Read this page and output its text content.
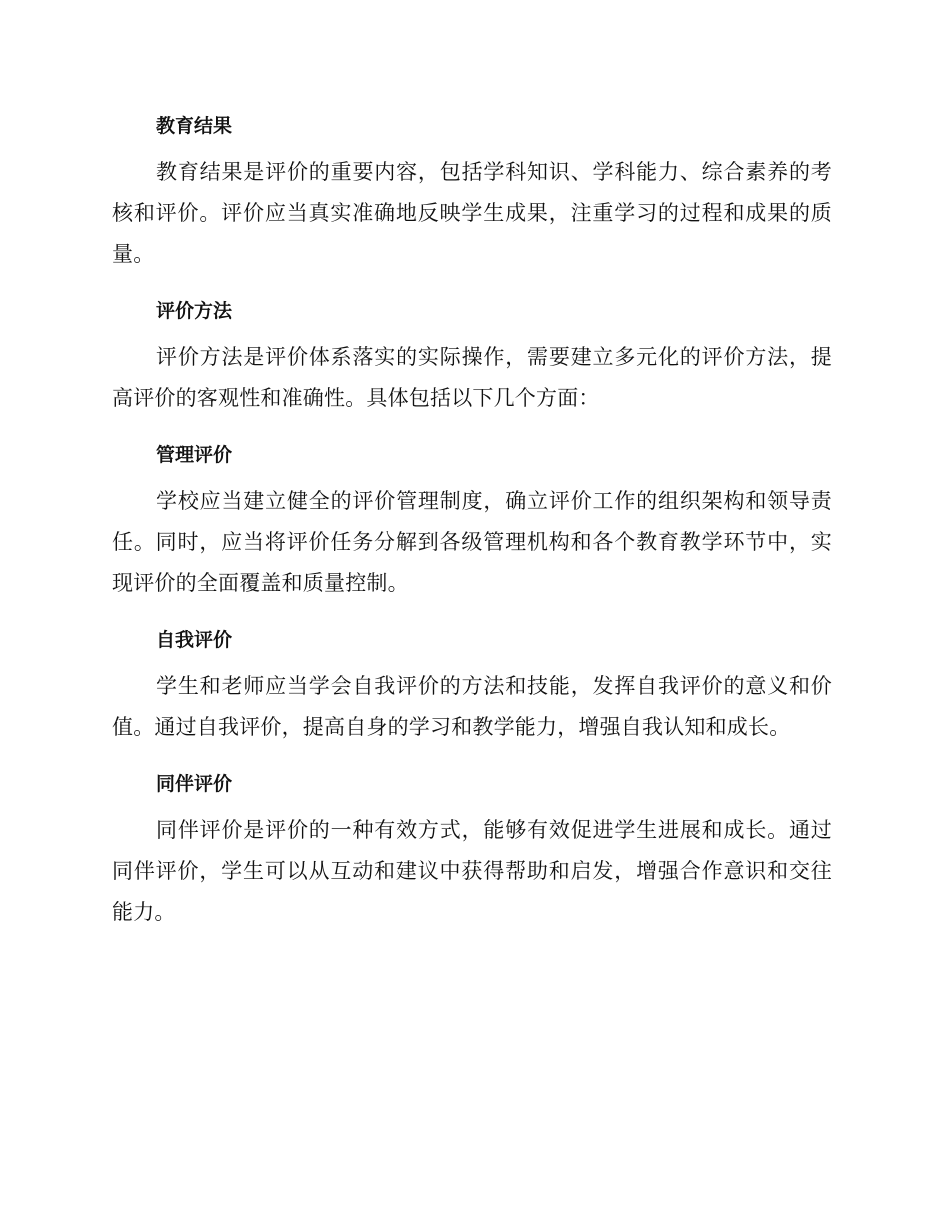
教育结果

教育结果是评价的重要内容，包括学科知识、学科能力、综合素养的考核和评价。评价应当真实准确地反映学生成果，注重学习的过程和成果的质量。

评价方法

评价方法是评价体系落实的实际操作，需要建立多元化的评价方法，提高评价的客观性和准确性。具体包括以下几个方面：

管理评价

学校应当建立健全的评价管理制度，确立评价工作的组织架构和领导责任。同时，应当将评价任务分解到各级管理机构和各个教育教学环节中，实现评价的全面覆盖和质量控制。

自我评价

学生和老师应当学会自我评价的方法和技能，发挥自我评价的意义和价值。通过自我评价，提高自身的学习和教学能力，增强自我认知和成长。

同伴评价

同伴评价是评价的一种有效方式，能够有效促进学生进展和成长。通过同伴评价，学生可以从互动和建议中获得帮助和启发，增强合作意识和交往能力。
